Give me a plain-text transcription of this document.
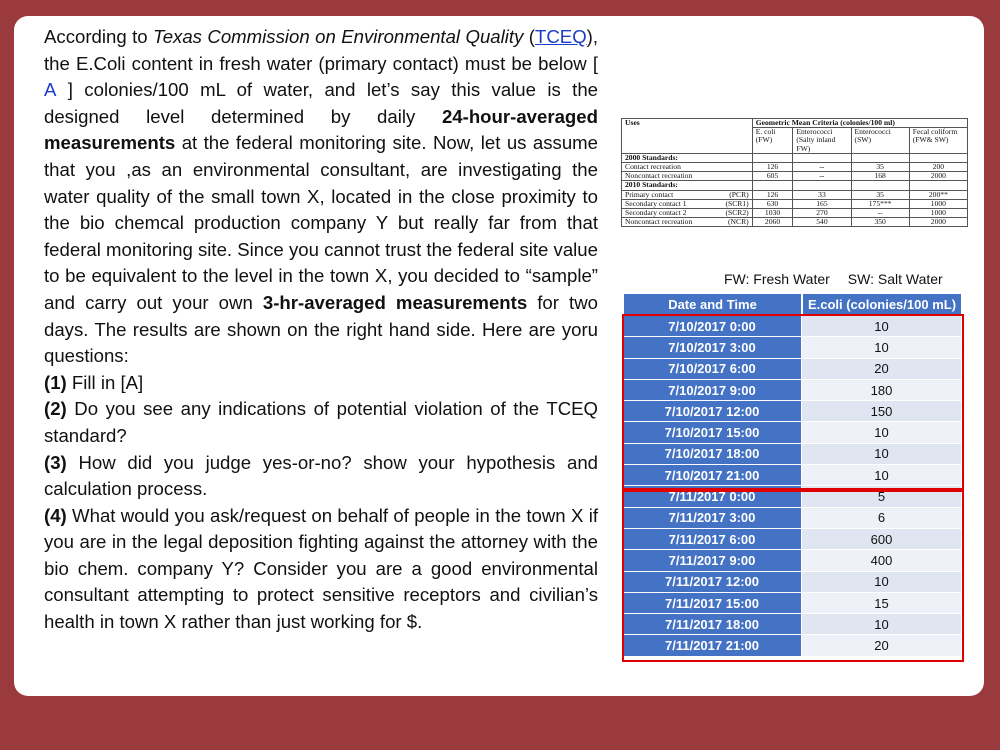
According to Texas Commission on Environmental Quality (TCEQ), the E.Coli content in fresh water (primary contact) must be below [ A ] colonies/100 mL of water, and let’s say this value is the designed level determined by daily 24-hour-averaged measurements at the federal monitoring site. Now, let us assume that you ,as an environmental consultant, are investigating the water quality of the small town X, located in the close proximity to the bio chemcal production company Y but really far from that federal monitoring site. Since you cannot trust the federal site value to be equivalent to the level in the town X, you decided to “sample” and carry out your own 3-hr-averaged measurements for two days. The results are shown on the right hand side. Here are yoru questions:

(1) Fill in [A]

(2) Do you see any indications of potential violation of the TCEQ standard?

(3) How did you judge yes-or-no? show your hypothesis and calculation process.

(4) What would you ask/request on behalf of people in the town X if you are in the legal deposition fighting against the attorney with the bio chem. company Y? Consider you are a good environmental consultant attempting to protect sensitive receptors and civilian’s health in town X rather than just working for $.

Uses	Geometric Mean Criteria (colonies/100 ml)			
	E. coli (FW)	Enterococci (Salty inland FW)	Enterococci (SW)	Fecal coliform (FW& SW)
2000 Standards:				
Contact recreation	126	--	35	200
Noncontact recreation	605	--	168	2000
2010 Standards:				
Primary contact (PCR)	126	33	35	200**
Secondary contact 1 (SCR1)	630	165	175***	1000
Secondary contact 2 (SCR2)	1030	270	--	1000
Noncontact recreation (NCR)	2060	540	350	2000
FW: Fresh Water SW: Salt Water
Date and Time	E.coli (colonies/100 mL)
7/10/2017 0:00	10
7/10/2017 3:00	10
7/10/2017 6:00	20
7/10/2017 9:00	180
7/10/2017 12:00	150
7/10/2017 15:00	10
7/10/2017 18:00	10
7/10/2017 21:00	10
7/11/2017 0:00	5
7/11/2017 3:00	6
7/11/2017 6:00	600
7/11/2017 9:00	400
7/11/2017 12:00	10
7/11/2017 15:00	15
7/11/2017 18:00	10
7/11/2017 21:00	20
